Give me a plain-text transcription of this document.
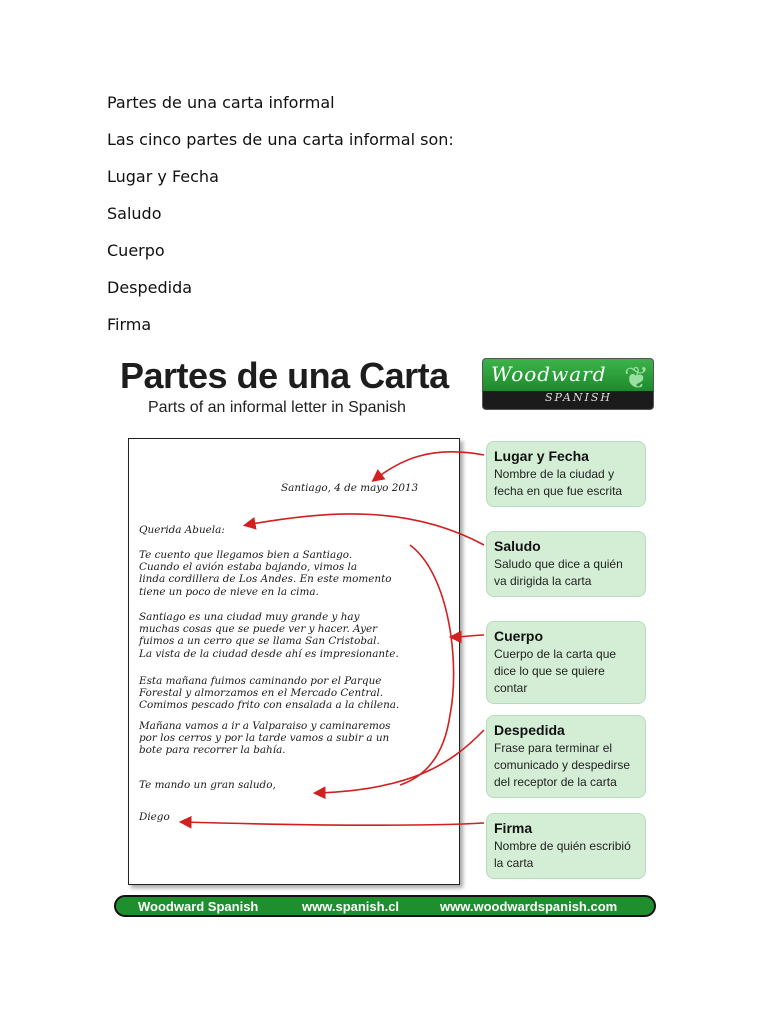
Partes de una carta informal
Las cinco partes de una carta informal son:
Lugar y Fecha
Saludo
Cuerpo
Despedida
Firma
Partes de una Carta
Parts of an informal letter in Spanish
Woodward
SPANISH
❦
Santiago, 4 de mayo 2013
Querida Abuela:
Te cuento que llegamos bien a Santiago.
Cuando el avión estaba bajando, vimos la
linda cordillera de Los Andes. En este momento
tiene un poco de nieve en la cima.
Santiago es una ciudad muy grande y hay
muchas cosas que se puede ver y hacer. Ayer
fuimos a un cerro que se llama San Cristobal.
La vista de la ciudad desde ahí es impresionante.
Esta mañana fuimos caminando por el Parque
Forestal y almorzamos en el Mercado Central.
Comimos pescado frito con ensalada a la chilena.
Mañana vamos a ir a Valparaiso y caminaremos
por los cerros y por la tarde vamos a subir a un
bote para recorrer la bahía.
Te mando un gran saludo,
Diego
Lugar y Fecha
Nombre de la ciudad y
fecha en que fue escrita
Saludo
Saludo que dice a quién
va dirigida la carta
Cuerpo
Cuerpo de la carta que
dice lo que se quiere
contar
Despedida
Frase para terminar el
comunicado y despedirse
del receptor de la carta
Firma
Nombre de quién escribió
la carta
Woodward Spanish	www.spanish.cl	www.woodwardspanish.com
